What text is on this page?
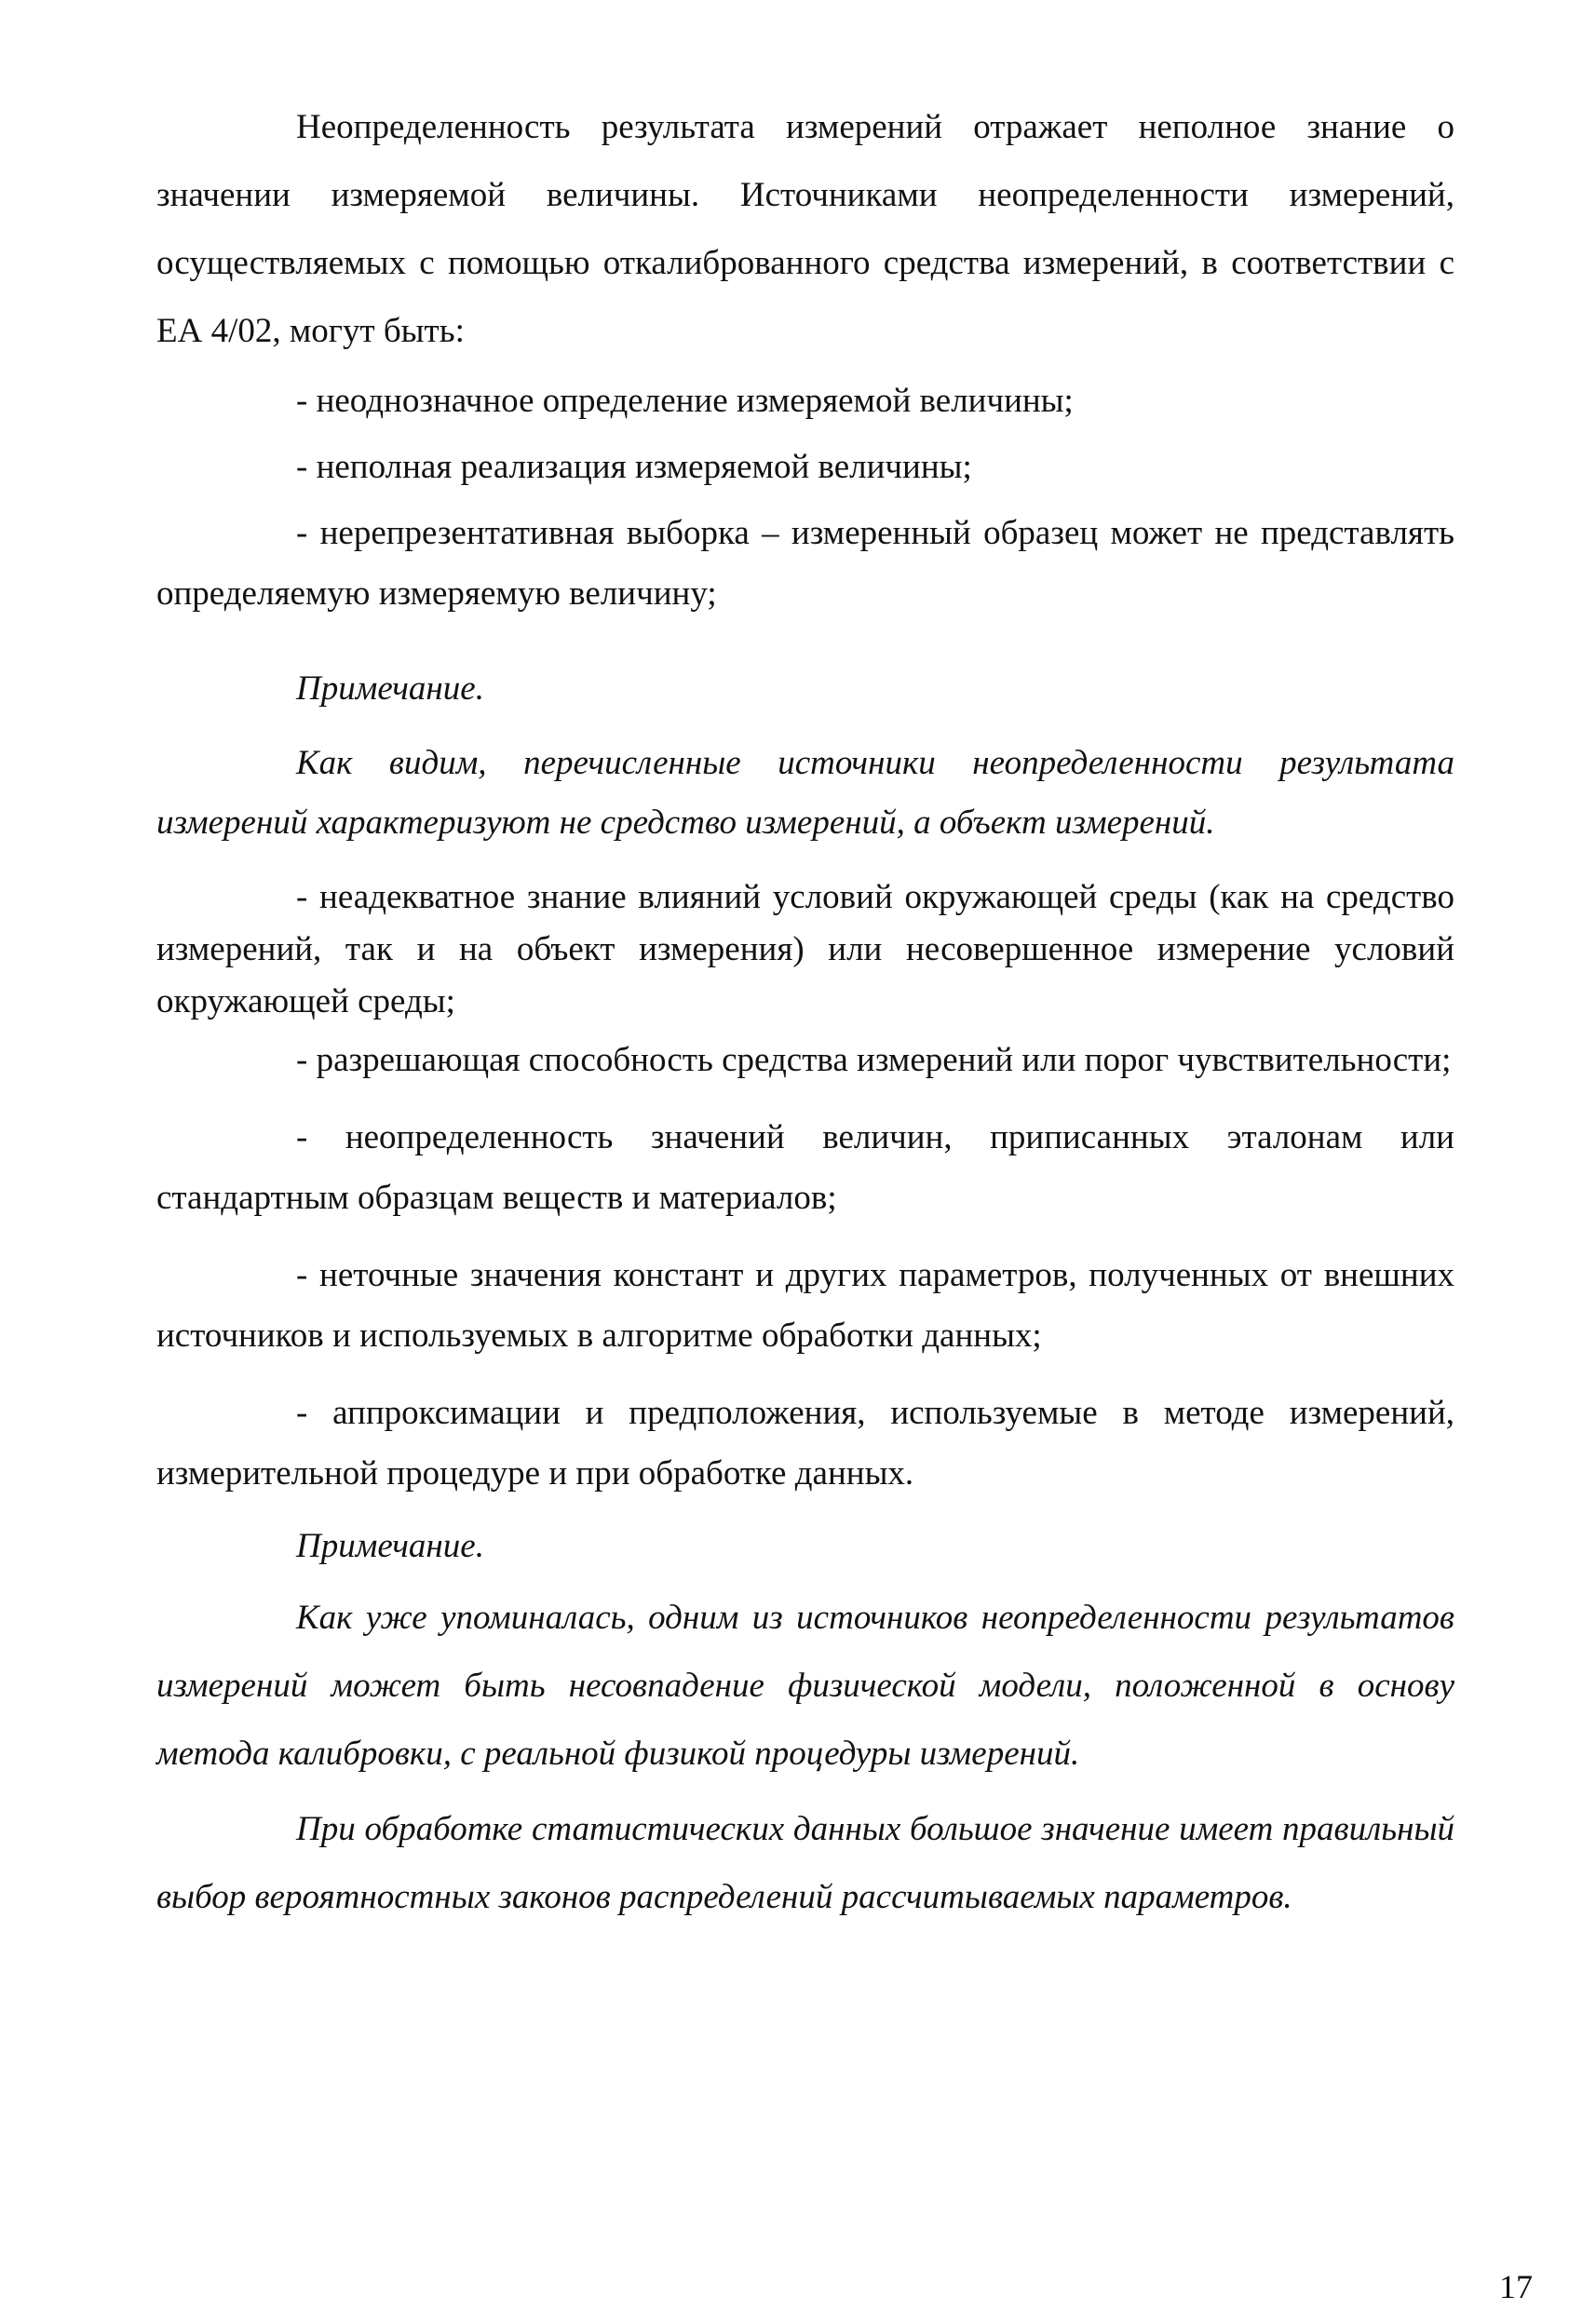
Неопределенность результата измерений отражает неполное знание о значении измеряемой величины. Источниками неопределенности измерений, осуществляемых с помощью откалиброванного средства измерений, в соответствии с ЕА 4/02, могут быть:

- неоднозначное определение измеряемой величины;

- неполная реализация измеряемой величины;

- нерепрезентативная выборка – измеренный образец может не представлять определяемую измеряемую величину;

Примечание.

Как видим, перечисленные источники неопределенности результата измерений характеризуют не средство измерений, а объект измерений.

- неадекватное знание влияний условий окружающей среды (как на средство измерений, так и на объект измерения) или несовершенное измерение условий окружающей среды;

- разрешающая способность средства измерений или порог чувствительности;

- неопределенность значений величин, приписанных эталонам или стандартным образцам веществ и материалов;

- неточные значения констант и других параметров, полученных от внешних источников и используемых в алгоритме обработки данных;

- аппроксимации и предположения, используемые в методе измерений, измерительной процедуре и при обработке данных.

Примечание.

Как уже упоминалась, одним из источников неопределенности результатов измерений может быть несовпадение физической модели, положенной в основу метода калибровки, с реальной физикой процедуры измерений.

При обработке статистических данных большое значение имеет правильный выбор вероятностных законов распределений рассчитываемых параметров.

17
